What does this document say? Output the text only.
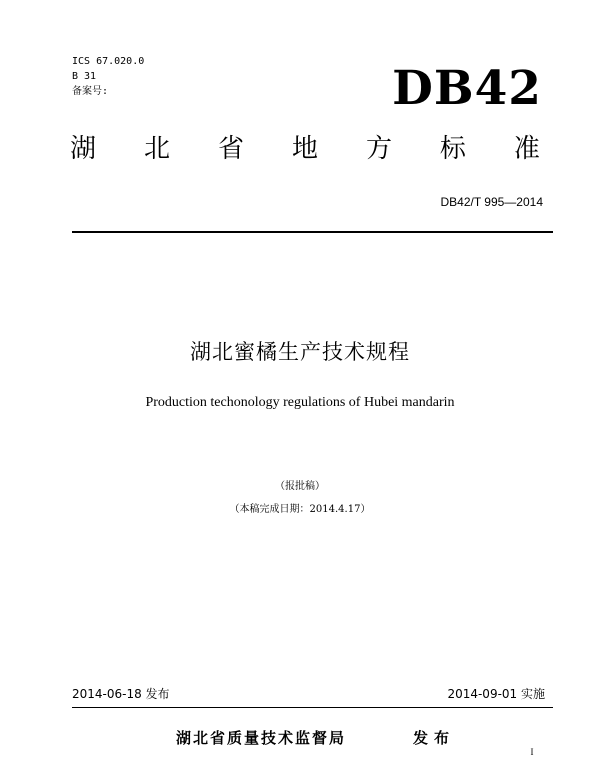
ICS 67.020.0
B 31
备案号:	DB42
湖 北 省 地 方 标 准
DB42/T 995—2014
湖北蜜橘生产技术规程
Production techonology regulations of Hubei mandarin
（报批稿）
（本稿完成日期：2014.4.17）
2014-06-18 发布	2014-09-01 实施
湖北省质量技术监督局	发布
I
